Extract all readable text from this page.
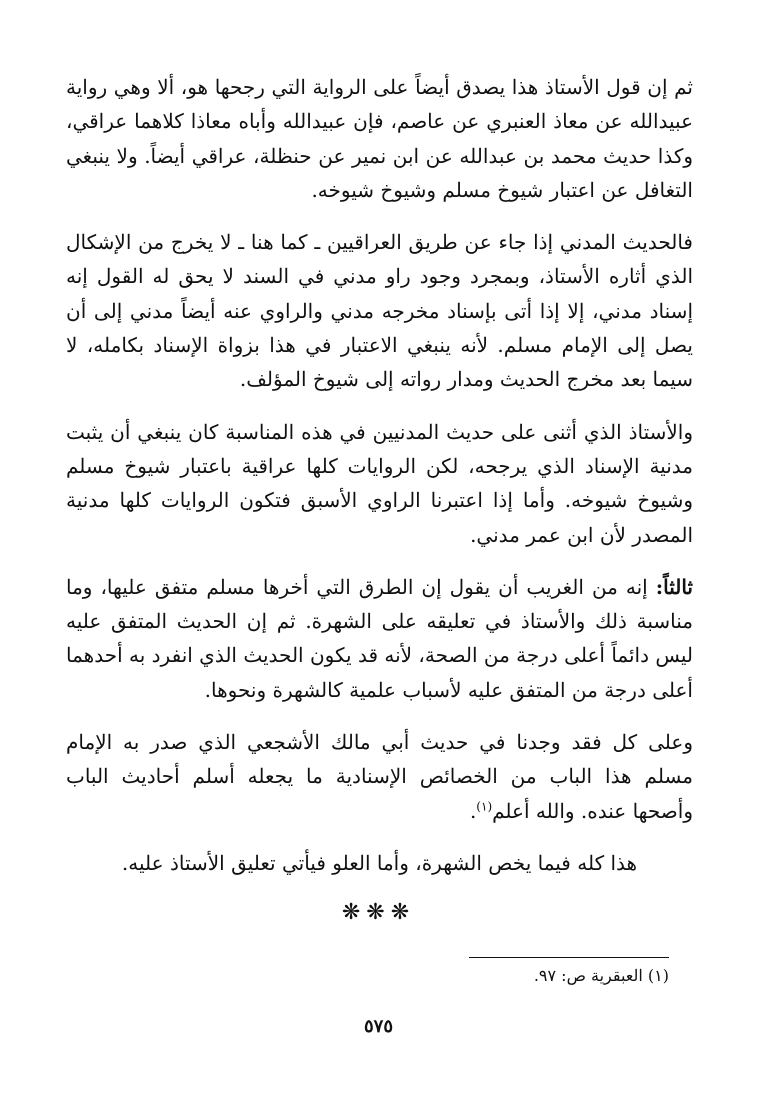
ثم إن قول الأستاذ هذا يصدق أيضاً على الرواية التي رجحها هو، ألا وهي رواية عبيدالله عن معاذ العنبري عن عاصم، فإن عبيدالله وأباه معاذا كلاهما عراقي، وكذا حديث محمد بن عبدالله عن ابن نمير عن حنظلة، عراقي أيضاً. ولا ينبغي التغافل عن اعتبار شيوخ مسلم وشيوخ شيوخه.

فالحديث المدني إذا جاء عن طريق العراقيين ـ كما هنا ـ لا يخرج من الإشكال الذي أثاره الأستاذ، وبمجرد وجود راو مدني في السند لا يحق له القول إنه إسناد مدني، إلا إذا أتى بإسناد مخرجه مدني والراوي عنه أيضاً مدني إلى أن يصل إلى الإمام مسلم. لأنه ينبغي الاعتبار في هذا بزواة الإسناد بكامله، لا سيما بعد مخرج الحديث ومدار رواته إلى شيوخ المؤلف.

والأستاذ الذي أثنى على حديث المدنيين في هذه المناسبة كان ينبغي أن يثبت مدنية الإسناد الذي يرجحه، لكن الروايات كلها عراقية باعتبار شيوخ مسلم وشيوخ شيوخه. وأما إذا اعتبرنا الراوي الأسبق فتكون الروايات كلها مدنية المصدر لأن ابن عمر مدني.

ثالثاً: إنه من الغريب أن يقول إن الطرق التي أخرها مسلم متفق عليها، وما مناسبة ذلك والأستاذ في تعليقه على الشهرة. ثم إن الحديث المتفق عليه ليس دائماً أعلى درجة من الصحة، لأنه قد يكون الحديث الذي انفرد به أحدهما أعلى درجة من المتفق عليه لأسباب علمية كالشهرة ونحوها.

وعلى كل فقد وجدنا في حديث أبي مالك الأشجعي الذي صدر به الإمام مسلم هذا الباب من الخصائص الإسنادية ما يجعله أسلم أحاديث الباب وأصحها عنده. والله أعلم$^{(١)}$.

هذا كله فيما يخص الشهرة، وأما العلو فيأتي تعليق الأستاذ عليه.

❋❋❋
(١) العبقرية ص: ٩٧.
٥٧٥
